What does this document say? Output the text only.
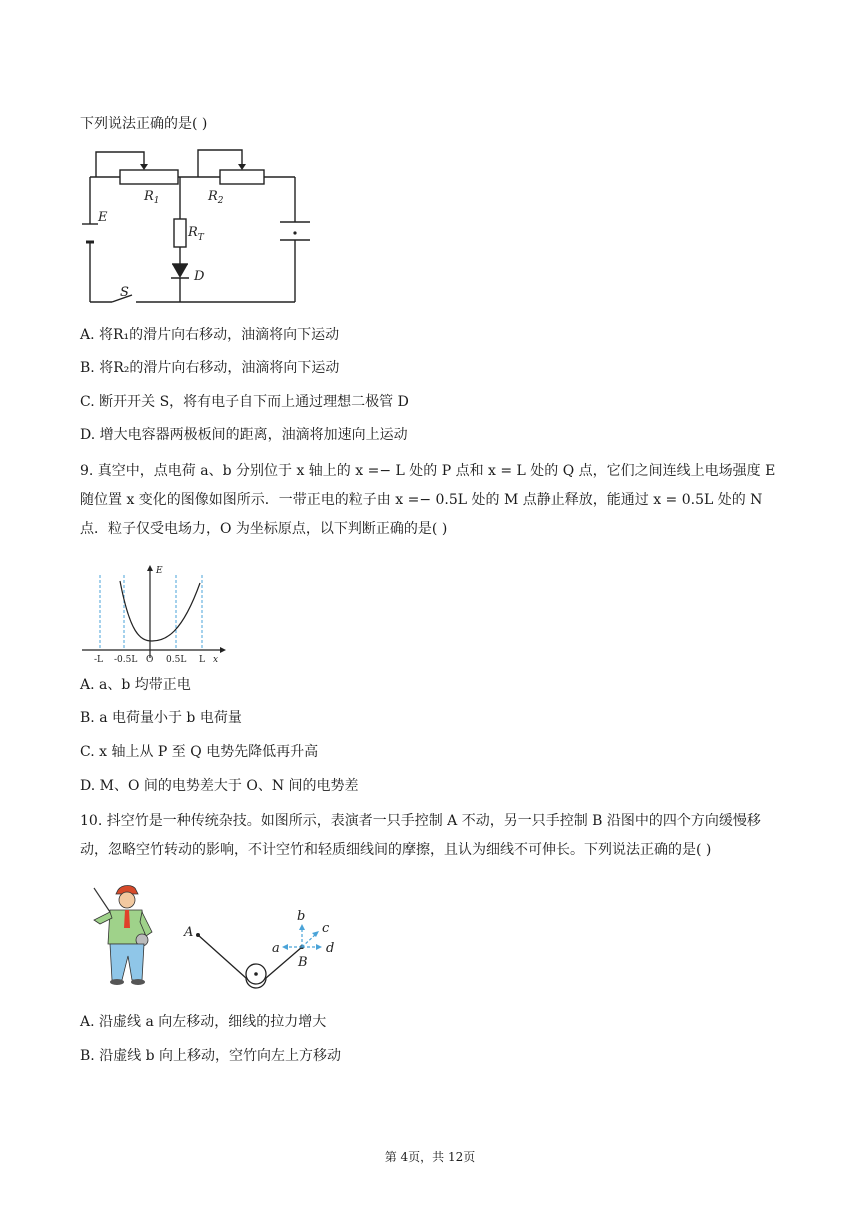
下列说法正确的是( )
$R_1$	$R_2$
E
$R_T$
D
S
A. 将R₁的滑片向右移动，油滴将向下运动
B. 将R₂的滑片向右移动，油滴将向下运动
C. 断开开关 S，将有电子自下而上通过理想二极管 D
D. 增大电容器两极板间的距离，油滴将加速向上运动
9. 真空中，点电荷 a、b 分别位于 x 轴上的 x =− L 处的 P 点和 x = L 处的 Q 点，它们之间连线上电场强度 E 随位置 x 变化的图像如图所示．一带正电的粒子由 x =− 0.5L 处的 M 点静止释放，能通过 x = 0.5L 处的 N 点．粒子仅受电场力，O 为坐标原点，以下判断正确的是( )
E
x
-L -0.5L O 0.5L L
A. a、b 均带正电
B. a 电荷量小于 b 电荷量
C. x 轴上从 P 至 Q 电势先降低再升高
D. M、O 间的电势差大于 O、N 间的电势差
10. 抖空竹是一种传统杂技。如图所示，表演者一只手控制 A 不动，另一只手控制 B 沿图中的四个方向缓慢移动，忽略空竹转动的影响，不计空竹和轻质细线间的摩擦，且认为细线不可伸长。下列说法正确的是( )
A
B
a
b
c
d
A. 沿虚线 a 向左移动，细线的拉力增大
B. 沿虚线 b 向上移动，空竹向左上方移动
第 4页，共 12页
